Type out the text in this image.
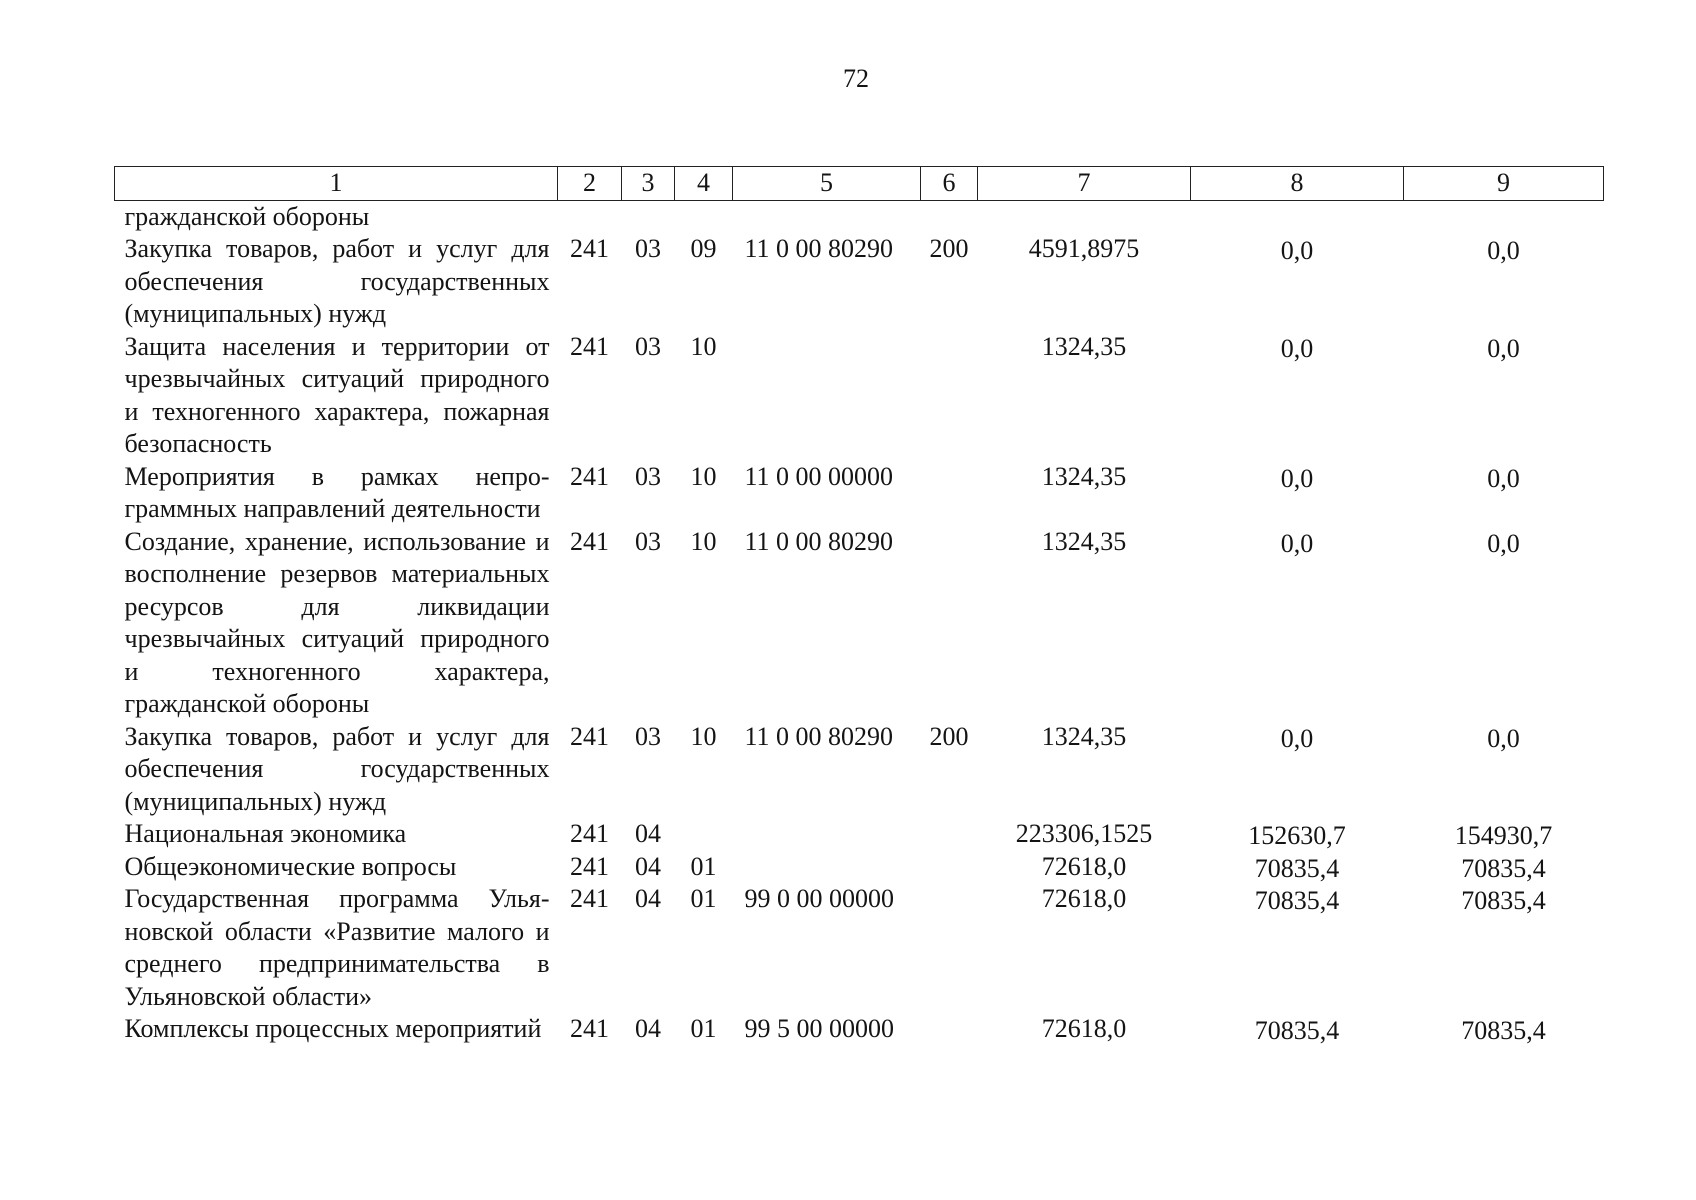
72
1	2	3	4	5	6	7	8	9
гражданской обороны								
Закупка товаров, работ и услуг для обеспечения государственных (муниципальных) нужд	241	03	09	11 0 00 80290	200	4591,8975	0,0	0,0
Защита населения и территории от чрезвычайных ситуаций природного и техногенного характера, пожарная безопасность	241	03	10			1324,35	0,0	0,0
Мероприятия в рамках непрограммных направлений деятельности	241	03	10	11 0 00 00000		1324,35	0,0	0,0
Создание, хранение, использование и восполнение резервов материальных ресурсов для ликвидации чрезвычайных ситуаций природного и техногенного характера, гражданской обороны	241	03	10	11 0 00 80290		1324,35	0,0	0,0
Закупка товаров, работ и услуг для обеспечения государственных (муниципальных) нужд	241	03	10	11 0 00 80290	200	1324,35	0,0	0,0
Национальная экономика	241	04				223306,1525	152630,7	154930,7
Общеэкономические вопросы	241	04	01			72618,0	70835,4	70835,4
Государственная программа Ульяновской области «Развитие малого и среднего предпринимательства в Ульяновской области»	241	04	01	99 0 00 00000		72618,0	70835,4	70835,4
Комплексы процессных мероприятий	241	04	01	99 5 00 00000		72618,0	70835,4	70835,4
